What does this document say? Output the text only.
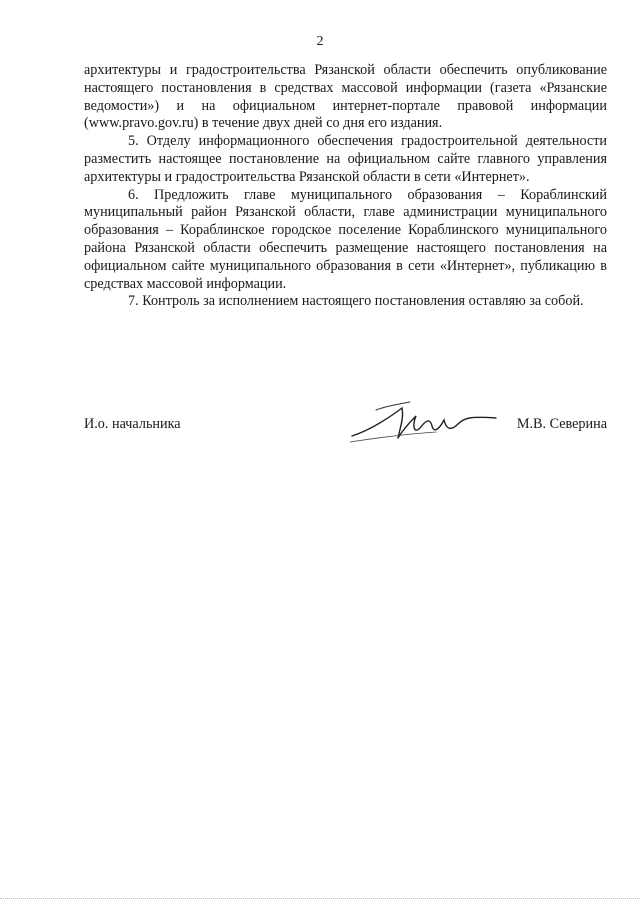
2

архитектуры и градостроительства Рязанской области обеспечить опубликование настоящего постановления в средствах массовой информации (газета «Рязанские ведомости») и на официальном интернет-портале правовой информации (www.pravo.gov.ru) в течение двух дней со дня его издания.

5. Отделу информационного обеспечения градостроительной деятельности разместить настоящее постановление на официальном сайте главного управления архитектуры и градостроительства Рязанской области в сети «Интернет».

6. Предложить главе муниципального образования – Кораблинский муниципальный район Рязанской области, главе администрации муниципального образования – Кораблинское городское поселение Кораблинского муниципального района Рязанской области обеспечить размещение настоящего постановления на официальном сайте муниципального образования в сети «Интернет», публикацию в средствах массовой информации.

7. Контроль за исполнением настоящего постановления оставляю за собой.

И.о. начальника	М.В. Северина
